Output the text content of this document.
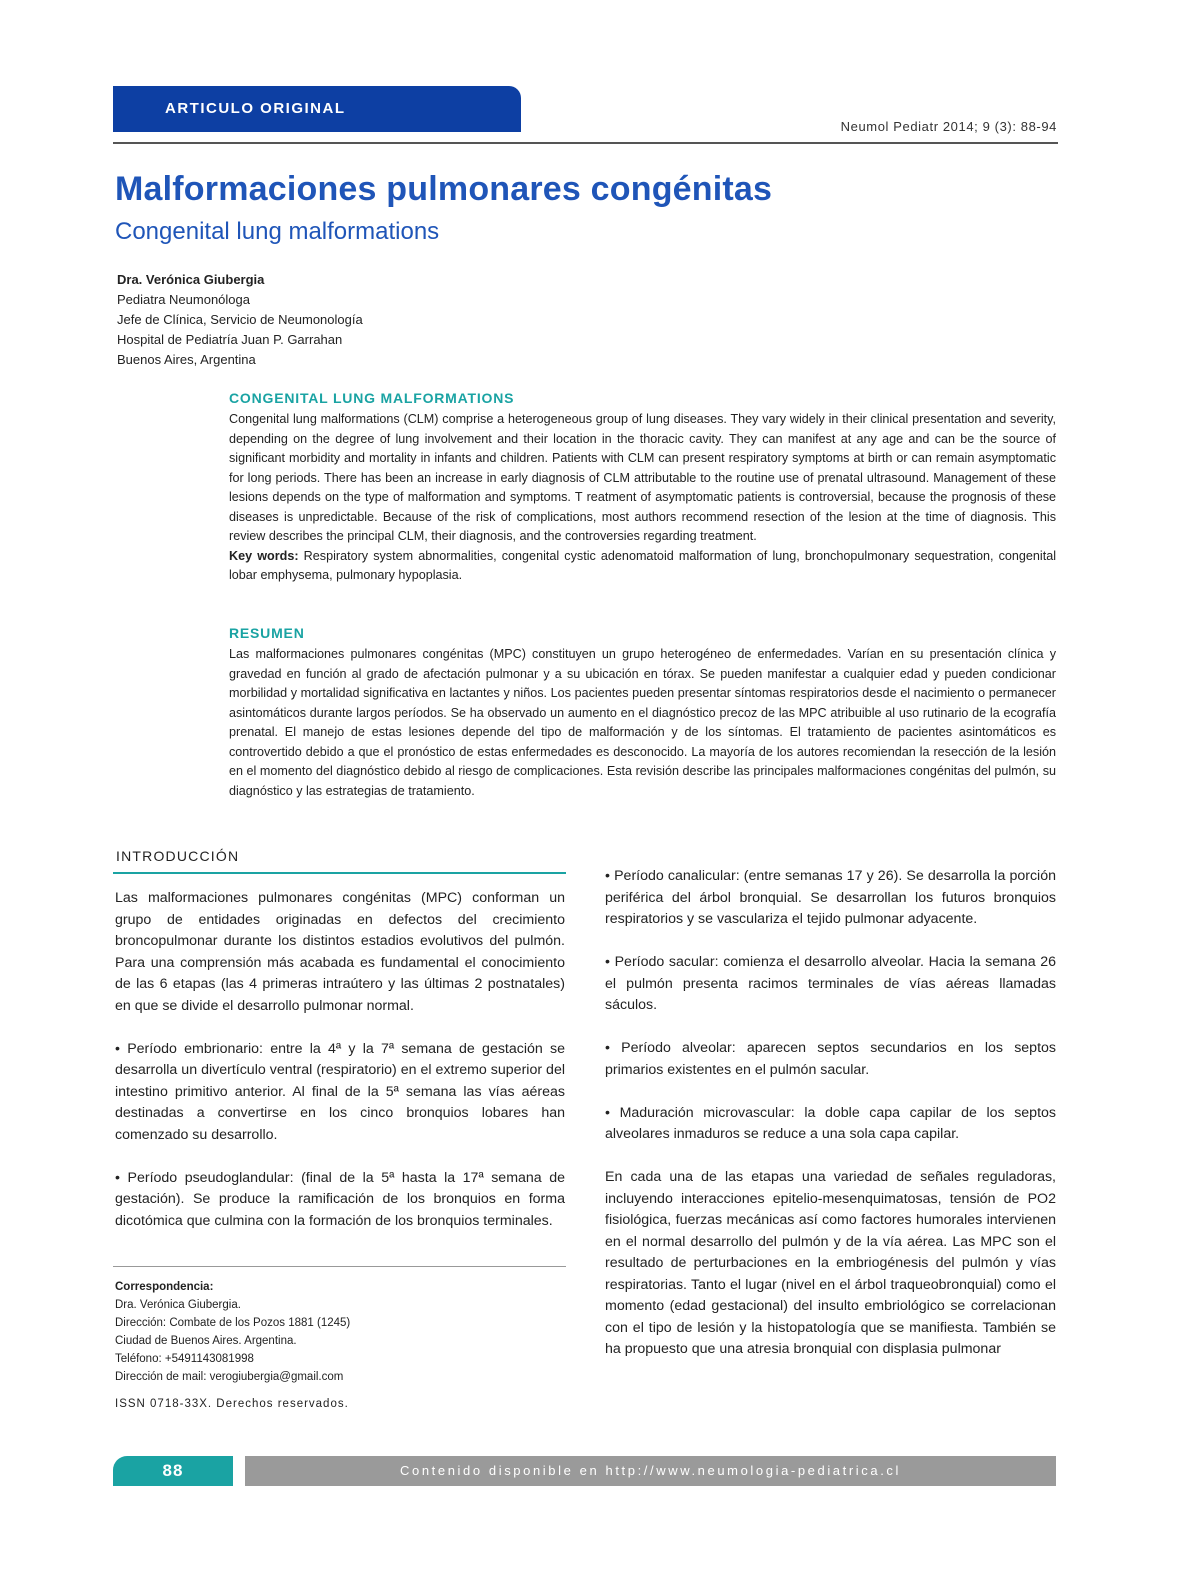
ARTICULO ORIGINAL
Neumol Pediatr 2014; 9 (3): 88-94
Malformaciones pulmonares congénitas
Congenital lung malformations
Dra. Verónica Giubergia
Pediatra Neumonóloga
Jefe de Clínica, Servicio de Neumonología
Hospital de Pediatría Juan P. Garrahan
Buenos Aires, Argentina
CONGENITAL LUNG MALFORMATIONS
Congenital lung malformations (CLM) comprise a heterogeneous group of lung diseases. They vary widely in their clinical presentation and severity, depending on the degree of lung involvement and their location in the thoracic cavity. They can manifest at any age and can be the source of significant morbidity and mortality in infants and children. Patients with CLM can present respiratory symptoms at birth or can remain asymptomatic for long periods. There has been an increase in early diagnosis of CLM attributable to the routine use of prenatal ultrasound. Management of these lesions depends on the type of malformation and symptoms. T reatment of asymptomatic patients is controversial, because the prognosis of these diseases is unpredictable. Because of the risk of complications, most authors recommend resection of the lesion at the time of diagnosis. This review describes the principal CLM, their diagnosis, and the controversies regarding treatment.
Key words: Respiratory system abnormalities, congenital cystic adenomatoid malformation of lung, bronchopulmonary sequestration, congenital lobar emphysema, pulmonary hypoplasia.
RESUMEN
Las malformaciones pulmonares congénitas (MPC) constituyen un grupo heterogéneo de enfermedades. Varían en su presentación clínica y gravedad en función al grado de afectación pulmonar y a su ubicación en tórax. Se pueden manifestar a cualquier edad y pueden condicionar morbilidad y mortalidad significativa en lactantes y niños. Los pacientes pueden presentar síntomas respiratorios desde el nacimiento o permanecer asintomáticos durante largos períodos. Se ha observado un aumento en el diagnóstico precoz de las MPC atribuible al uso rutinario de la ecografía prenatal. El manejo de estas lesiones depende del tipo de malformación y de los síntomas. El tratamiento de pacientes asintomáticos es controvertido debido a que el pronóstico de estas enfermedades es desconocido. La mayoría de los autores recomiendan la resección de la lesión en el momento del diagnóstico debido al riesgo de complicaciones. Esta revisión describe las principales malformaciones congénitas del pulmón, su diagnóstico y las estrategias de tratamiento.
INTRODUCCIÓN

Las malformaciones pulmonares congénitas (MPC) conforman un grupo de entidades originadas en defectos del crecimiento broncopulmonar durante los distintos estadios evolutivos del pulmón. Para una comprensión más acabada es fundamental el conocimiento de las 6 etapas (las 4 primeras intraútero y las últimas 2 postnatales) en que se divide el desarrollo pulmonar normal.

• Período embrionario: entre la 4ª y la 7ª semana de gestación se desarrolla un divertículo ventral (respiratorio) en el extremo superior del intestino primitivo anterior. Al final de la 5ª semana las vías aéreas destinadas a convertirse en los cinco bronquios lobares han comenzado su desarrollo.

• Período pseudoglandular: (final de la 5ª hasta la 17ª semana de gestación). Se produce la ramificación de los bronquios en forma dicotómica que culmina con la formación de los bronquios terminales.

• Período canalicular: (entre semanas 17 y 26). Se desarrolla la porción periférica del árbol bronquial. Se desarrollan los futuros bronquios respiratorios y se vasculariza el tejido pulmonar adyacente.

• Período sacular: comienza el desarrollo alveolar. Hacia la semana 26 el pulmón presenta racimos terminales de vías aéreas llamadas sáculos.

• Período alveolar: aparecen septos secundarios en los septos primarios existentes en el pulmón sacular.

• Maduración microvascular: la doble capa capilar de los septos alveolares inmaduros se reduce a una sola capa capilar.

En cada una de las etapas una variedad de señales reguladoras, incluyendo interacciones epitelio-mesenquimatosas, tensión de PO2 fisiológica, fuerzas mecánicas así como factores humorales intervienen en el normal desarrollo del pulmón y de la vía aérea. Las MPC son el resultado de perturbaciones en la embriogénesis del pulmón y vías respiratorias. Tanto el lugar (nivel en el árbol traqueobronquial) como el momento (edad gestacional) del insulto embriológico se correlacionan con el tipo de lesión y la histopatología que se manifiesta. También se ha propuesto que una atresia bronquial con displasia pulmonar

Correspondencia:
Dra. Verónica Giubergia.
Dirección: Combate de los Pozos 1881 (1245)
Ciudad de Buenos Aires. Argentina.
Teléfono: +5491143081998
Dirección de mail: verogiubergia@gmail.com
ISSN 0718-33X. Derechos reservados.
88	Contenido disponible en http://www.neumologia-pediatrica.cl
